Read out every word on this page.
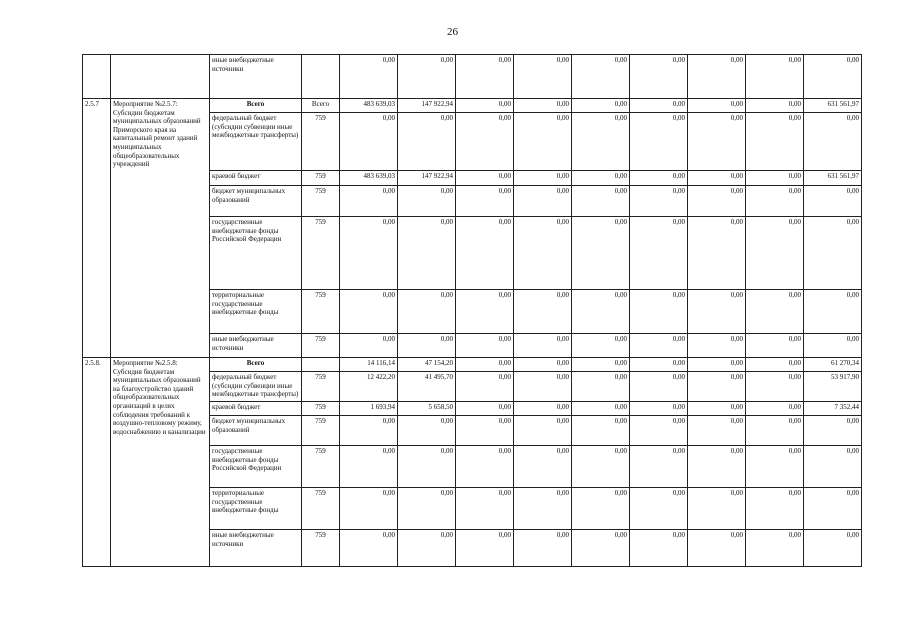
26
		иные внебюджетные источники		0,00	0,00	0,00	0,00	0,00	0,00	0,00	0,00	0,00
2.5.7	Мероприятие №2.5.7: Субсидии бюджетам муниципальных образований Приморского края на капитальный ремонт зданий муниципальных общеобразовательных учреждений	Всего	Всего	483 639,03	147 922,94	0,00	0,00	0,00	0,00	0,00	0,00	631 561,97
		федеральный бюджет (субсидии субвенции иные межбюджетные трансферты)	759	0,00	0,00	0,00	0,00	0,00	0,00	0,00	0,00	0,00
		краевой бюджет	759	483 639,03	147 922,94	0,00	0,00	0,00	0,00	0,00	0,00	631 561,97
		бюджет муниципальных образований	759	0,00	0,00	0,00	0,00	0,00	0,00	0,00	0,00	0,00
		государственные внебюджетные фонды Российской Федерации	759	0,00	0,00	0,00	0,00	0,00	0,00	0,00	0,00	0,00
		территориальные государственные внебюджетные фонды	759	0,00	0,00	0,00	0,00	0,00	0,00	0,00	0,00	0,00
		иные внебюджетные источники	759	0,00	0,00	0,00	0,00	0,00	0,00	0,00	0,00	0,00
2.5.8.	Мероприятие №2.5.8: Субсидия бюджетам муниципальных образований на благоустройство зданий общеобразовательных организаций в целях соблюдения требований к воздушно-тепловому режиму, водоснабжению и канализации	Всего		14 116,14	47 154,20	0,00	0,00	0,00	0,00	0,00	0,00	61 270,34
		федеральный бюджет (субсидии субвенции иные межбюджетные трансферты)	759	12 422,20	41 495,70	0,00	0,00	0,00	0,00	0,00	0,00	53 917,90
		краевой бюджет	759	1 693,94	5 658,50	0,00	0,00	0,00	0,00	0,00	0,00	7 352,44
		бюджет муниципальных образований	759	0,00	0,00	0,00	0,00	0,00	0,00	0,00	0,00	0,00
		государственные внебюджетные фонды Российской Федерации	759	0,00	0,00	0,00	0,00	0,00	0,00	0,00	0,00	0,00
		территориальные государственные внебюджетные фонды	759	0,00	0,00	0,00	0,00	0,00	0,00	0,00	0,00	0,00
		иные внебюджетные источники	759	0,00	0,00	0,00	0,00	0,00	0,00	0,00	0,00	0,00
